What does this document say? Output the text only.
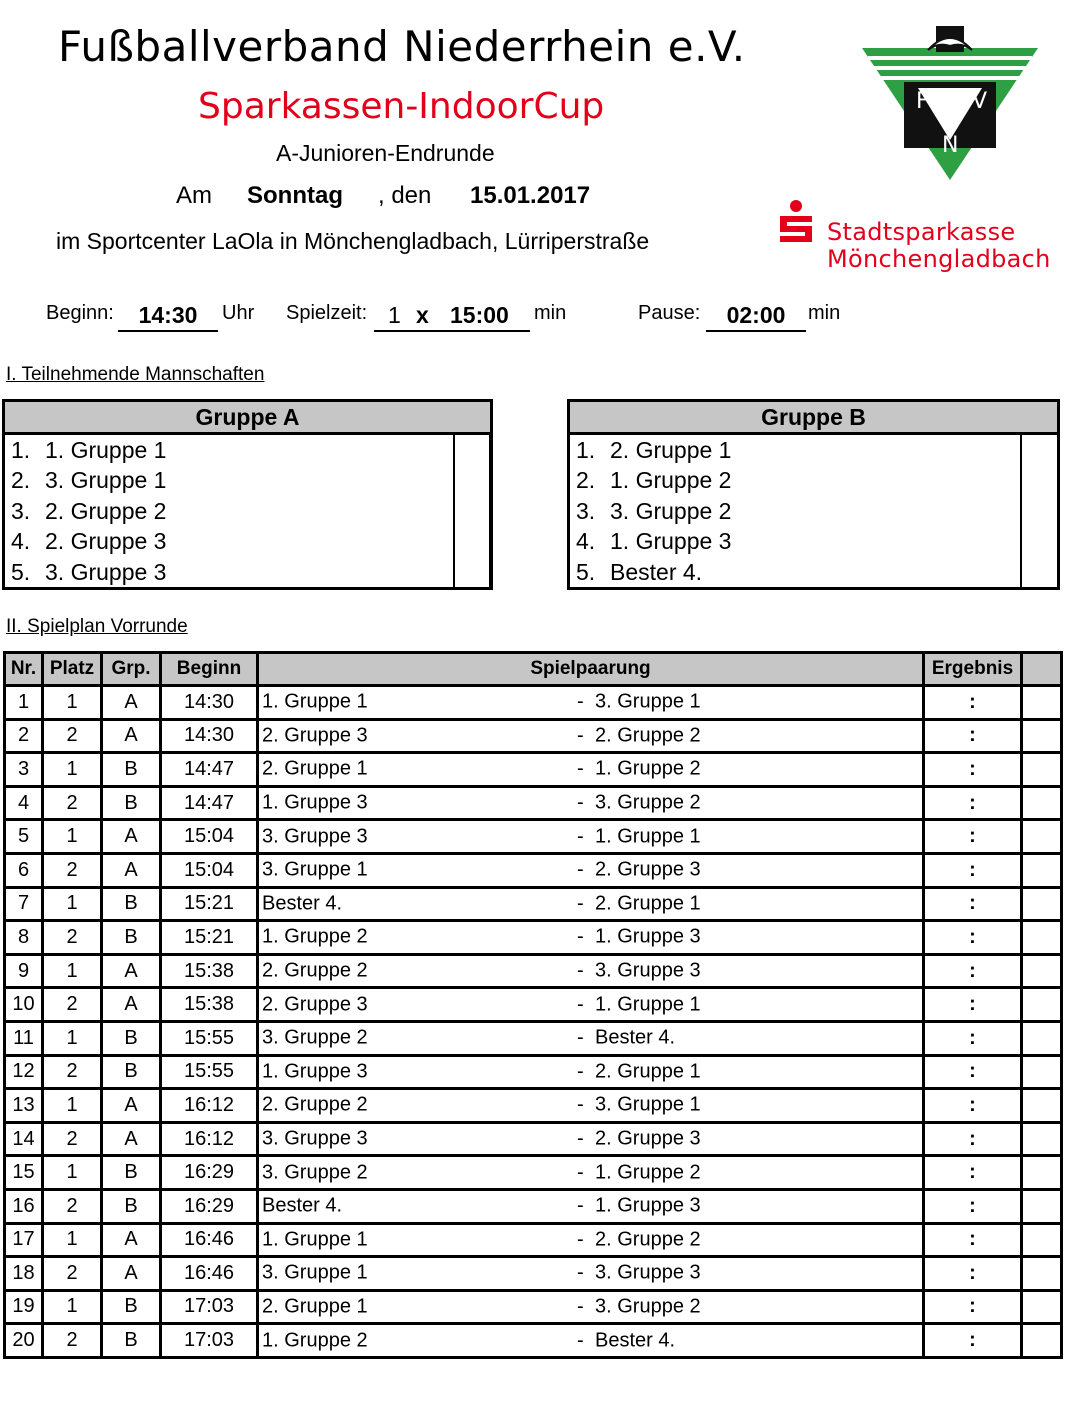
Fußballverband Niederrhein e.V.
Sparkassen-IndoorCup
A-Junioren-Endrunde
Am Sonntag , den 15.01.2017
im Sportcenter LaOla in Mönchengladbach, Lürriperstraße
F V
N
Stadtsparkasse
Mönchengladbach
Beginn:	14:30	Uhr Spielzeit: 1 x 15:00 min	Pause:	02:00	min
I. Teilnehmende Mannschaften
Gruppe A
1. 1. Gruppe 1
2. 3. Gruppe 1
3. 2. Gruppe 2
4. 2. Gruppe 3
5. 3. Gruppe 3
Gruppe B
1. 2. Gruppe 1
2. 1. Gruppe 2
3. 3. Gruppe 2
4. 1. Gruppe 3
5. Bester 4.
II. Spielplan Vorrunde
Nr.	Platz	Grp.	Beginn	Spielpaarung	Ergebnis	
1	1	A	14:30	1. Gruppe 1 - 3. Gruppe 1	:	
2	2	A	14:30	2. Gruppe 3 - 2. Gruppe 2	:	
3	1	B	14:47	2. Gruppe 1 - 1. Gruppe 2	:	
4	2	B	14:47	1. Gruppe 3 - 3. Gruppe 2	:	
5	1	A	15:04	3. Gruppe 3 - 1. Gruppe 1	:	
6	2	A	15:04	3. Gruppe 1 - 2. Gruppe 3	:	
7	1	B	15:21	Bester 4. - 2. Gruppe 1	:	
8	2	B	15:21	1. Gruppe 2 - 1. Gruppe 3	:	
9	1	A	15:38	2. Gruppe 2 - 3. Gruppe 3	:	
10	2	A	15:38	2. Gruppe 3 - 1. Gruppe 1	:	
11	1	B	15:55	3. Gruppe 2 - Bester 4.	:	
12	2	B	15:55	1. Gruppe 3 - 2. Gruppe 1	:	
13	1	A	16:12	2. Gruppe 2 - 3. Gruppe 1	:	
14	2	A	16:12	3. Gruppe 3 - 2. Gruppe 3	:	
15	1	B	16:29	3. Gruppe 2 - 1. Gruppe 2	:	
16	2	B	16:29	Bester 4. - 1. Gruppe 3	:	
17	1	A	16:46	1. Gruppe 1 - 2. Gruppe 2	:	
18	2	A	16:46	3. Gruppe 1 - 3. Gruppe 3	:	
19	1	B	17:03	2. Gruppe 1 - 3. Gruppe 2	:	
20	2	B	17:03	1. Gruppe 2 - Bester 4.	:	
